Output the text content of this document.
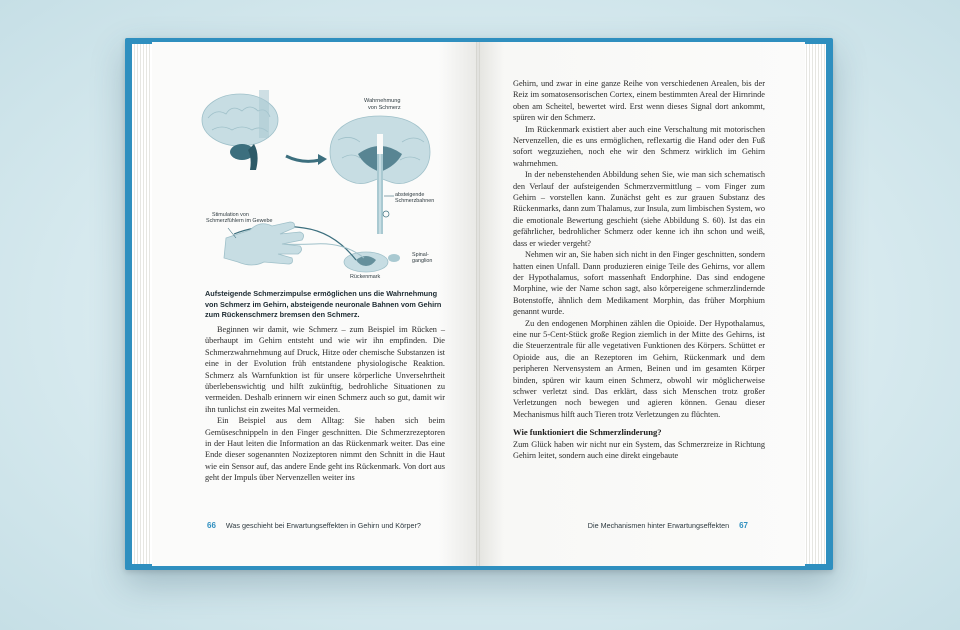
Wahrnehmung
von Schmerz
absteigende
Schmerzbahnen
Spinal-
ganglion
Rückenmark
Stimulation von
Schmerzfühlern im Gewebe
Aufsteigende Schmerzimpulse ermöglichen uns die Wahrnehmung von Schmerz im Gehirn, absteigende neuronale Bahnen vom Gehirn zum Rückenschmerz bremsen den Schmerz.

Beginnen wir damit, wie Schmerz – zum Beispiel im Rücken – überhaupt im Gehirn entsteht und wie wir ihn empfinden. Die Schmerzwahrnehmung auf Druck, Hitze oder chemische Substanzen ist eine in der Evolution früh entstandene physiologische Reaktion. Schmerz als Warnfunktion ist für unsere körperliche Unversehrtheit überlebenswichtig und hilft zukünftig, bedrohliche Situationen zu vermeiden. Deshalb erinnern wir einen Schmerz auch so gut, damit wir ihn tunlichst ein zweites Mal vermeiden.

Ein Beispiel aus dem Alltag: Sie haben sich beim Gemüseschnippeln in den Finger geschnitten. Die Schmerzrezeptoren in der Haut leiten die Information an das Rückenmark weiter. Das eine Ende dieser sogenannten Nozizeptoren nimmt den Schnitt in die Haut wie ein Sensor auf, das andere Ende geht ins Rückenmark. Von dort aus geht der Impuls über Nervenzellen weiter ins

66 Was geschieht bei Erwartungseffekten in Gehirn und Körper?

Gehirn, und zwar in eine ganze Reihe von verschiedenen Arealen, bis der Reiz im somatosensorischen Cortex, einem bestimmten Areal der Hirnrinde oben am Scheitel, bewertet wird. Erst wenn dieses Signal dort ankommt, spüren wir den Schmerz.

Im Rückenmark existiert aber auch eine Verschaltung mit motorischen Nervenzellen, die es uns ermöglichen, reflexartig die Hand oder den Fuß sofort wegzuziehen, noch ehe wir den Schmerz wirklich im Gehirn wahrnehmen.

In der nebenstehenden Abbildung sehen Sie, wie man sich schematisch den Verlauf der aufsteigenden Schmerzvermittlung – vom Finger zum Gehirn – vorstellen kann. Zunächst geht es zur grauen Substanz des Rückenmarks, dann zum Thalamus, zur Insula, zum limbischen System, wo die emotionale Bewertung geschieht (siehe Abbildung S. 60). Ist das ein gefährlicher, bedrohlicher Schmerz oder kenne ich ihn schon und weiß, dass er wieder vergeht?

Nehmen wir an, Sie haben sich nicht in den Finger geschnitten, sondern hatten einen Unfall. Dann produzieren einige Teile des Gehirns, vor allem der Hypothalamus, sofort massenhaft Endorphine. Das sind endogene Morphine, wie der Name schon sagt, also körpereigene schmerzlindernde Botenstoffe, ähnlich dem Medikament Morphin, das früher Morphium genannt wurde.

Zu den endogenen Morphinen zählen die Opioide. Der Hypothalamus, eine nur 5-Cent-Stück große Region ziemlich in der Mitte des Gehirns, ist die Steuerzentrale für alle vegetativen Funktionen des Körpers. Schüttet er Opioide aus, die an Rezeptoren im Gehirn, Rückenmark und dem peripheren Nervensystem an Armen, Beinen und im gesamten Körper binden, spüren wir kaum einen Schmerz, obwohl wir möglicherweise schwer verletzt sind. Das erklärt, dass sich Menschen trotz großer Verletzungen noch bewegen und agieren können. Genau dieser Mechanismus hilft auch Tieren trotz Verletzungen zu flüchten.

Wie funktioniert die Schmerzlinderung?

Zum Glück haben wir nicht nur ein System, das Schmerzreize in Richtung Gehirn leitet, sondern auch eine direkt eingebaute

Die Mechanismen hinter Erwartungseffekten 67
